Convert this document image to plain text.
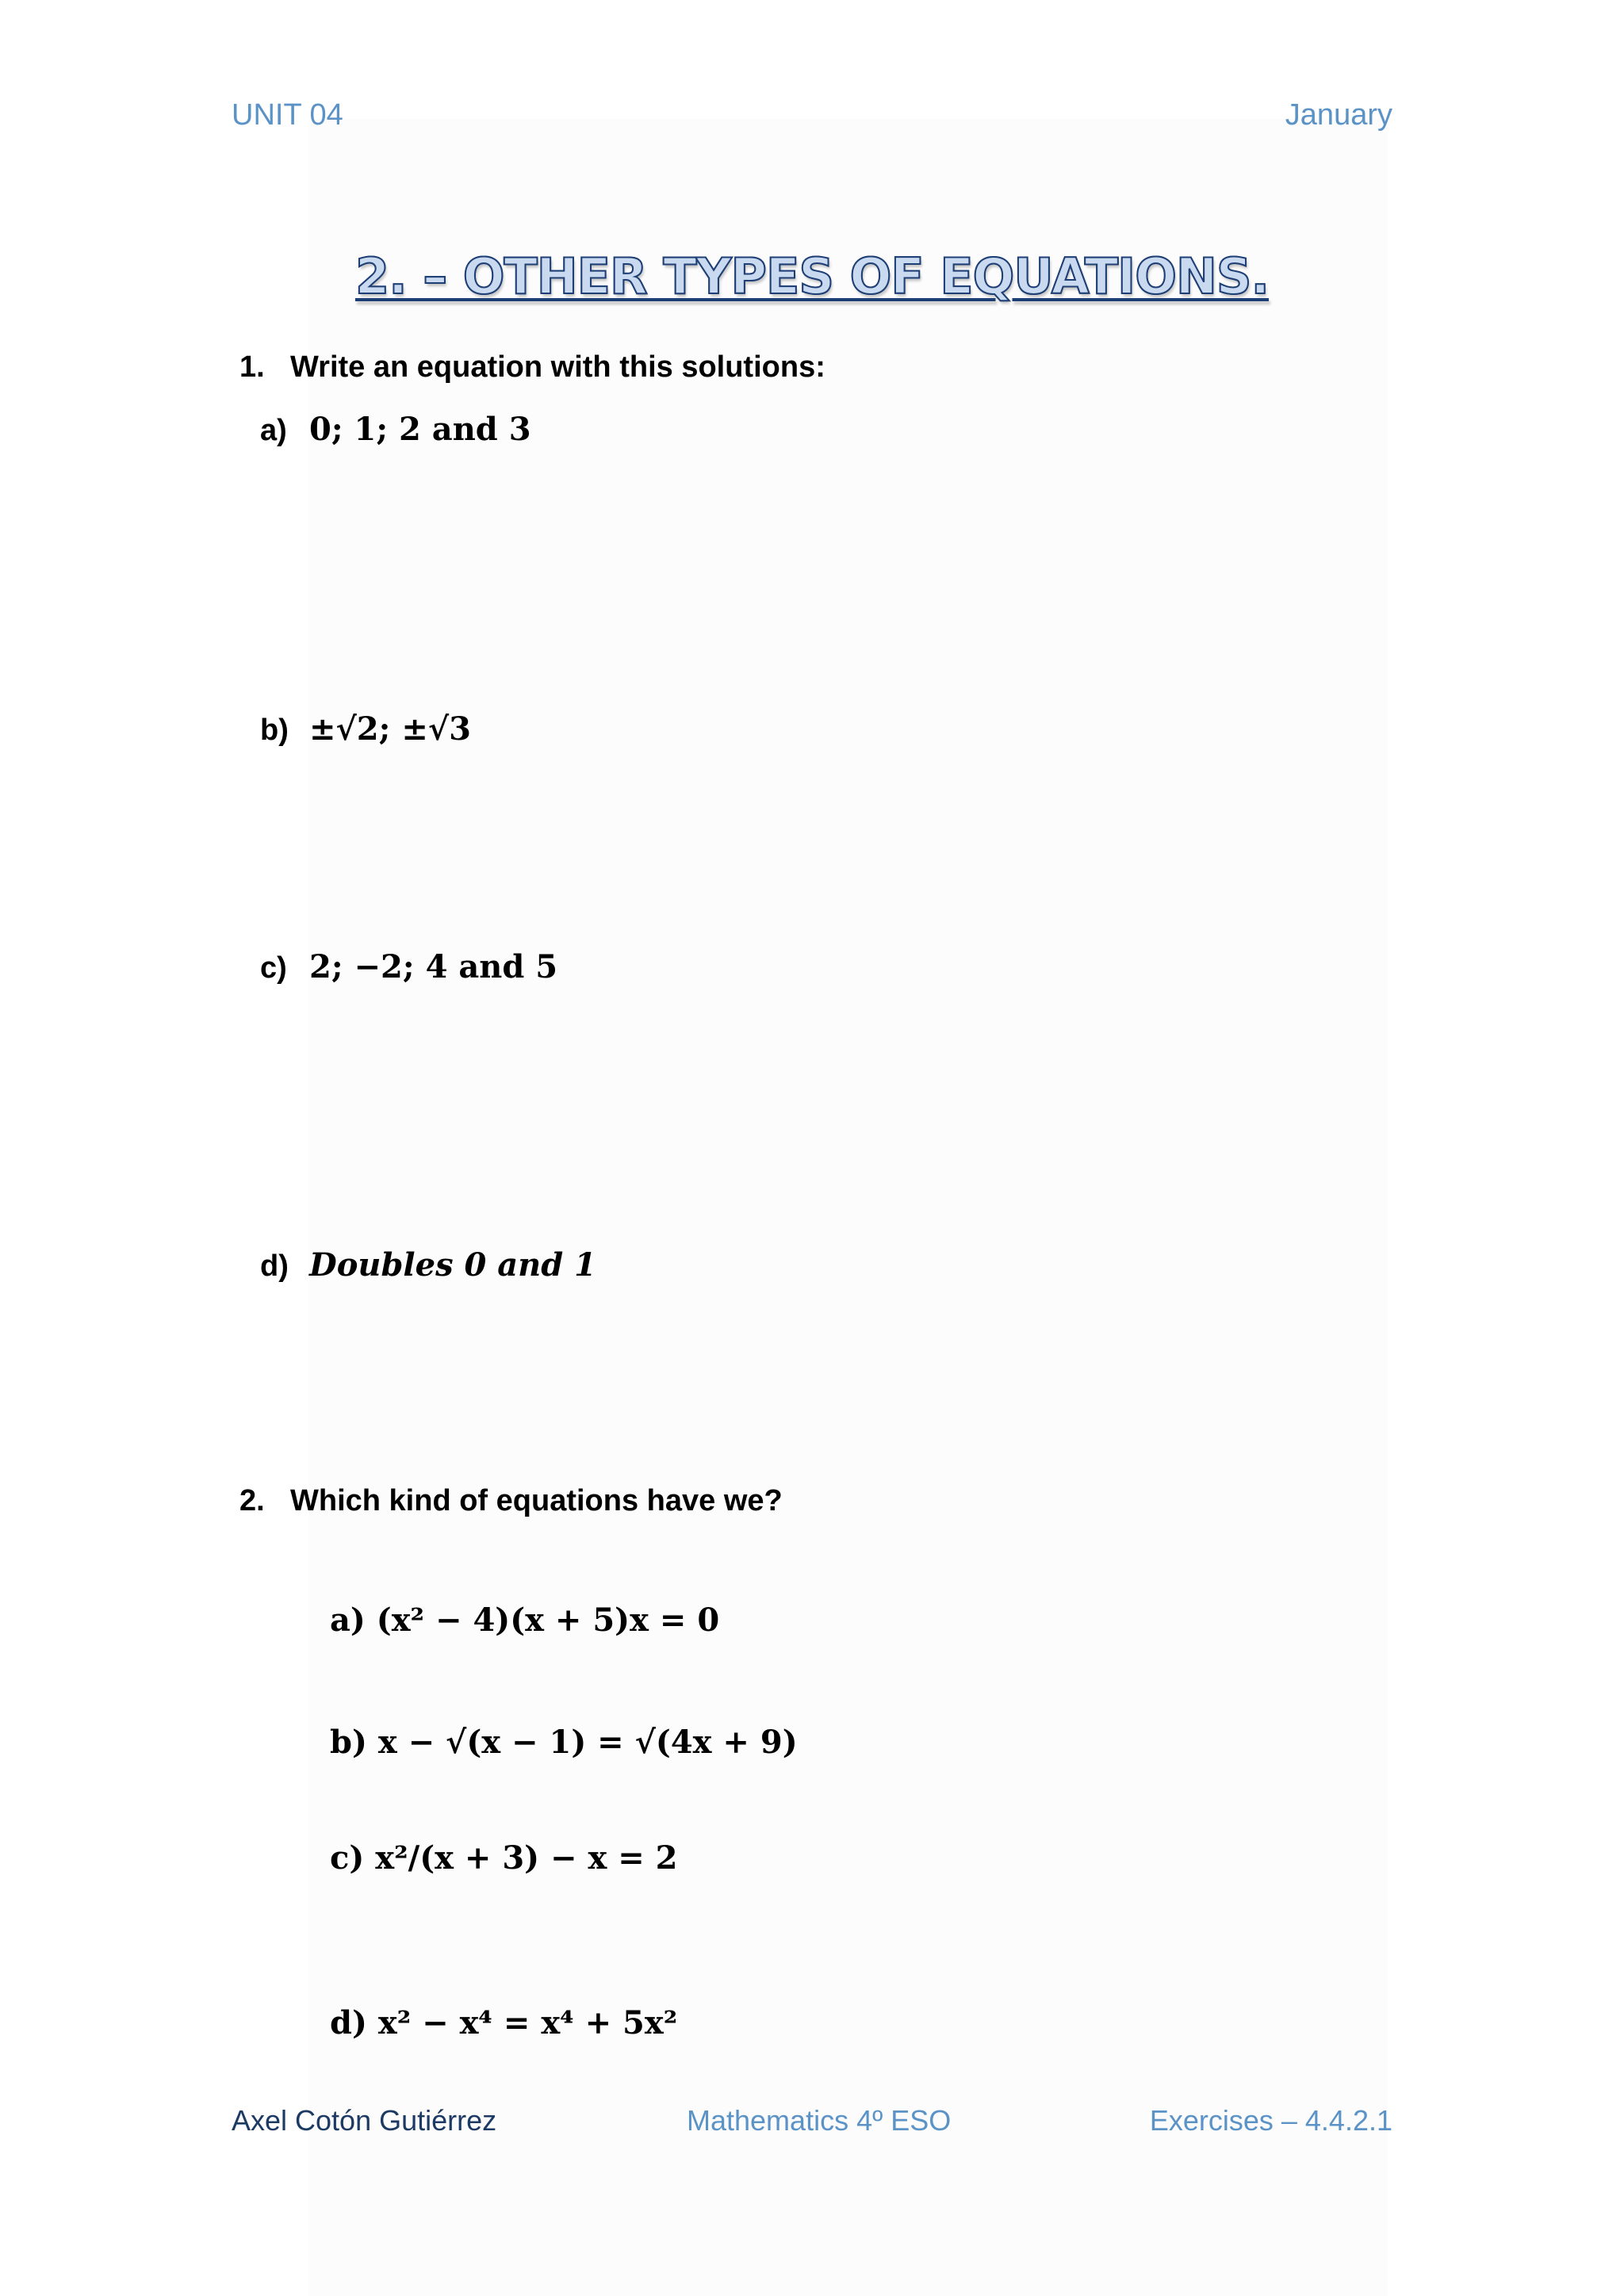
UNIT 04	January
2. – OTHER TYPES OF EQUATIONS.
1. Write an equation with this solutions:
a) 0; 1; 2 and 3
b) ±√2; ±√3
c) 2; −2; 4 and 5
d) Doubles 0 and 1
2. Which kind of equations have we?
a)
(x² − 4)(x + 5)x = 0
b)
x − √(x − 1) = √(4x + 9)
c)
x²/(x + 3) − x = 2
d)
x² − x⁴ = x⁴ + 5x²
Axel Cotón Gutiérrez	Mathematics 4º ESO	Exercises – 4.4.2.1
